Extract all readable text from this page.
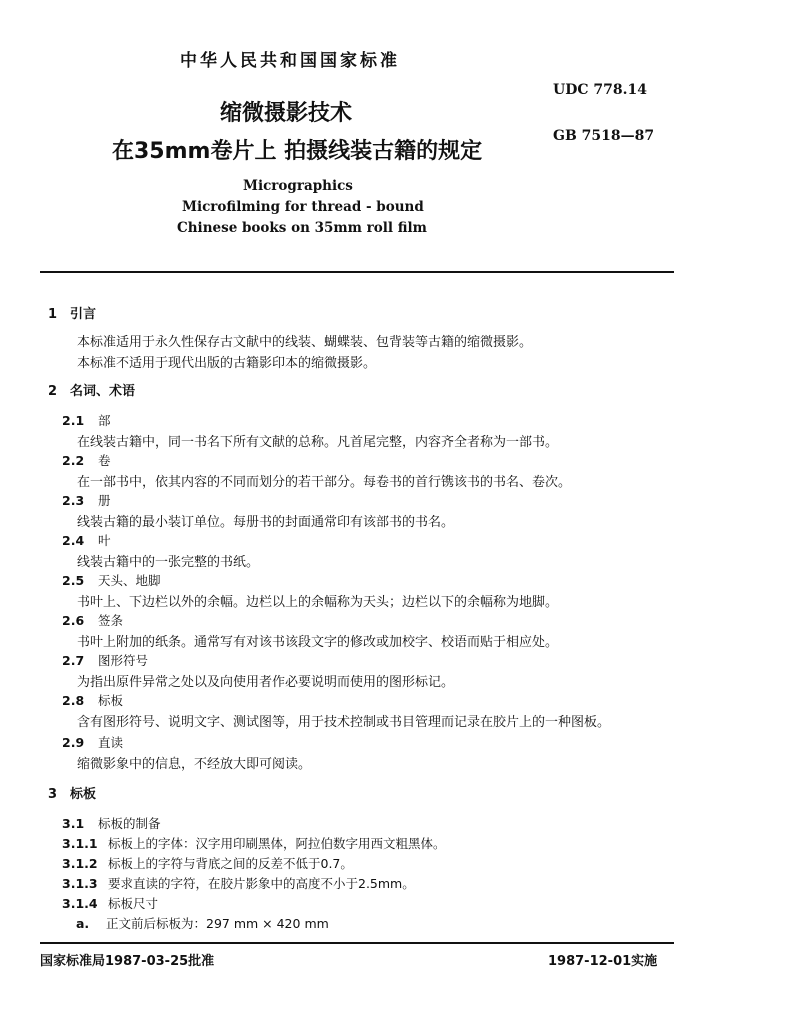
中华人民共和国国家标准
UDC 778.14
GB 7518—87
缩微摄影技术
在35mm卷片上 拍摄线装古籍的规定
Micrographics
Microfilming for thread - bound
Chinese books on 35mm roll film
1 引言
本标准适用于永久性保存古文献中的线装、蝴蝶装、包背装等古籍的缩微摄影。
本标准不适用于现代出版的古籍影印本的缩微摄影。
2 名词、术语
2.1 部
在线装古籍中，同一书名下所有文献的总称。凡首尾完整，内容齐全者称为一部书。
2.2 卷
在一部书中，依其内容的不同而划分的若干部分。每卷书的首行镌该书的书名、卷次。
2.3 册
线装古籍的最小装订单位。每册书的封面通常印有该部书的书名。
2.4 叶
线装古籍中的一张完整的书纸。
2.5 天头、地脚
书叶上、下边栏以外的余幅。边栏以上的余幅称为天头；边栏以下的余幅称为地脚。
2.6 签条
书叶上附加的纸条。通常写有对该书该段文字的修改或加校字、校语而贴于相应处。
2.7 图形符号
为指出原件异常之处以及向使用者作必要说明而使用的图形标记。
2.8 标板
含有图形符号、说明文字、测试图等，用于技术控制或书目管理而记录在胶片上的一种图板。
2.9 直读
缩微影象中的信息，不经放大即可阅读。
3 标板
3.1 标板的制备
3.1.1 标板上的字体：汉字用印刷黑体，阿拉伯数字用西文粗黑体。
3.1.2 标板上的字符与背底之间的反差不低于0.7。
3.1.3 要求直读的字符，在胶片影象中的高度不小于2.5mm。
3.1.4 标板尺寸
a. 正文前后标板为：297 mm × 420 mm
国家标准局1987-03-25批准	1987-12-01实施
